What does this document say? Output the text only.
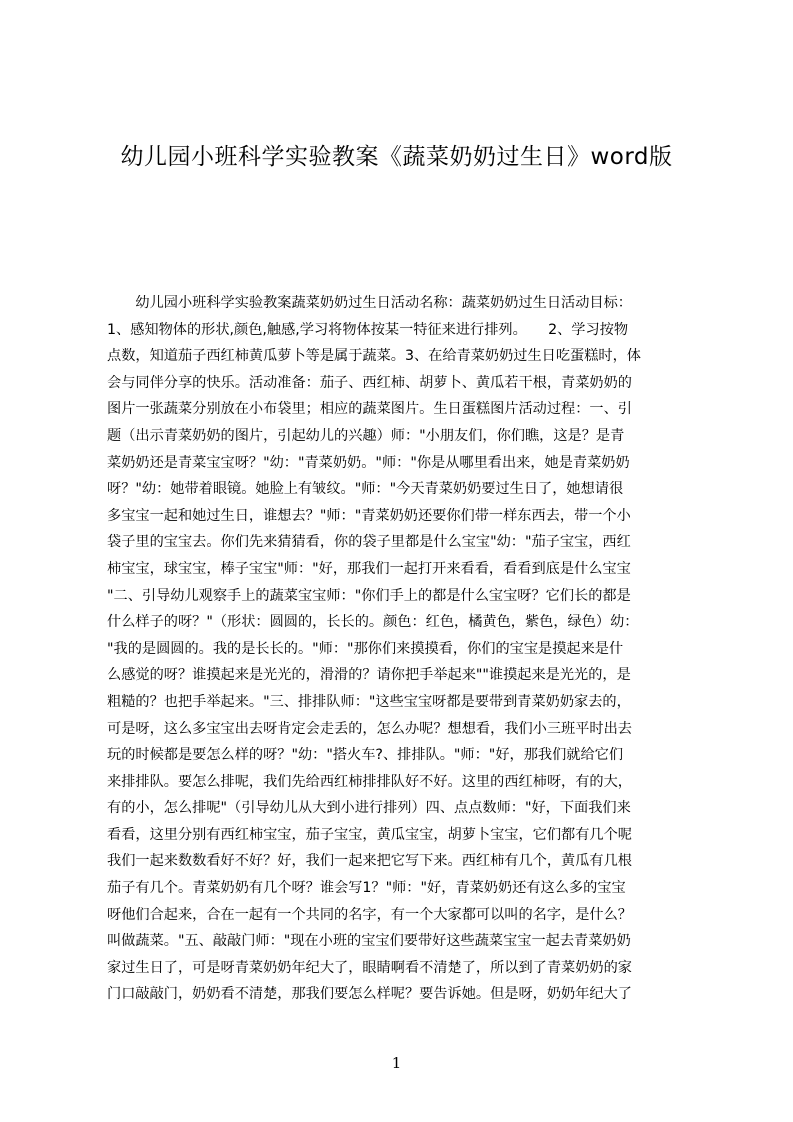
幼儿园小班科学实验教案《蔬菜奶奶过生日》word版
　　幼儿园小班科学实验教案蔬菜奶奶过生日活动名称：蔬菜奶奶过生日活动目标：
1、感知物体的形状,颜色,触感,学习将物体按某一特征来进行排列。　　2、学习按物
点数，知道茄子西红柿黄瓜萝卜等是属于蔬菜。3、在给青菜奶奶过生日吃蛋糕时，体
会与同伴分享的快乐。活动准备：茄子、西红柿、胡萝卜、黄瓜若干根，青菜奶奶的
图片一张蔬菜分别放在小布袋里；相应的蔬菜图片。生日蛋糕图片活动过程：一、引
题（出示青菜奶奶的图片，引起幼儿的兴趣）师："小朋友们，你们瞧，这是？是青
菜奶奶还是青菜宝宝呀？"幼："青菜奶奶。"师："你是从哪里看出来，她是青菜奶奶
呀？"幼：她带着眼镜。她脸上有皱纹。"师："今天青菜奶奶要过生日了，她想请很
多宝宝一起和她过生日，谁想去？"师："青菜奶奶还要你们带一样东西去，带一个小
袋子里的宝宝去。你们先来猜猜看，你的袋子里都是什么宝宝"幼："茄子宝宝，西红
柿宝宝，球宝宝，棒子宝宝"师："好，那我们一起打开来看看，看看到底是什么宝宝
"二、引导幼儿观察手上的蔬菜宝宝师："你们手上的都是什么宝宝呀？它们长的都是
什么样子的呀？"（形状：圆圆的，长长的。颜色：红色，橘黄色，紫色，绿色）幼：
"我的是圆圆的。我的是长长的。"师："那你们来摸摸看，你们的宝宝是摸起来是什
么感觉的呀？谁摸起来是光光的，滑滑的？请你把手举起来""谁摸起来是光光的，是
粗糙的？也把手举起来。"三、排排队师："这些宝宝呀都是要带到青菜奶奶家去的，
可是呀，这么多宝宝出去呀肯定会走丢的，怎么办呢？想想看，我们小三班平时出去
玩的时候都是要怎么样的呀？"幼："搭火车?、排排队。"师："好，那我们就给它们
来排排队。要怎么排呢，我们先给西红柿排排队好不好。这里的西红柿呀，有的大，
有的小，怎么排呢"（引导幼儿从大到小进行排列）四、点点数师："好，下面我们来
看看，这里分别有西红柿宝宝，茄子宝宝，黄瓜宝宝，胡萝卜宝宝，它们都有几个呢
我们一起来数数看好不好？好，我们一起来把它写下来。西红柿有几个，黄瓜有几根
茄子有几个。青菜奶奶有几个呀？谁会写1？"师："好，青菜奶奶还有这么多的宝宝
呀他们合起来，合在一起有一个共同的名字，有一个大家都可以叫的名字，是什么？
叫做蔬菜。"五、敲敲门师："现在小班的宝宝们要带好这些蔬菜宝宝一起去青菜奶奶
家过生日了，可是呀青菜奶奶年纪大了，眼睛啊看不清楚了，所以到了青菜奶奶的家
门口敲敲门，奶奶看不清楚，那我们要怎么样呢？要告诉她。但是呀，奶奶年纪大了
1
